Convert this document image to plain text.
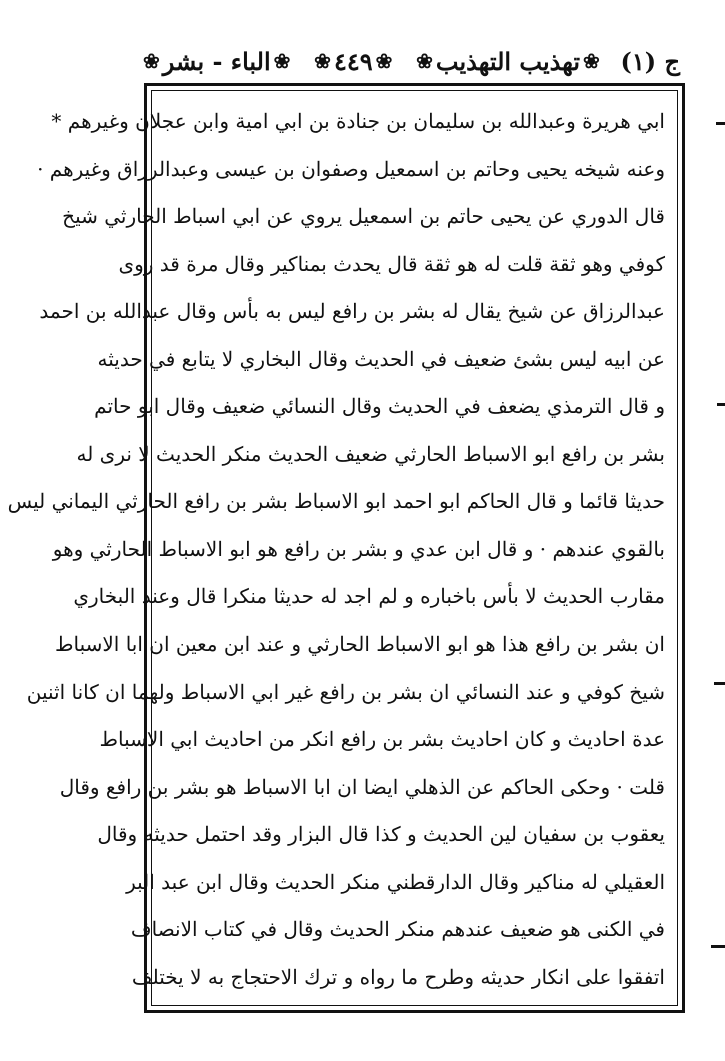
ج (١)
❀
تهذيب التهذيب
❀
❀
٤٤٩
❀
❀
الباء - بشر
❀
ابي هريرة وعبدالله بن سليمان بن جنادة بن ابي امية وابن عجلان وغيرهم *
وعنه شيخه يحيى وحاتم بن اسمعيل وصفوان بن عيسى وعبدالرزاق وغيرهم ·
قال الدوري عن يحيى حاتم بن اسمعيل يروي عن ابي اسباط الحارثي شيخ
كوفي وهو ثقة قلت له هو ثقة قال يحدث بمناكير وقال مرة قد روى
عبدالرزاق عن شيخ يقال له بشر بن رافع ليس به بأس وقال عبدالله بن احمد
عن ابيه ليس بشئ ضعيف في الحديث وقال البخاري لا يتابع في حديثه
و قال الترمذي يضعف في الحديث وقال النسائي ضعيف وقال ابو حاتم
بشر بن رافع ابو الاسباط الحارثي ضعيف الحديث منكر الحديث لا نرى له
حديثا قائما و قال الحاكم ابو احمد ابو الاسباط بشر بن رافع الحارثي اليماني ليس
بالقوي عندهم · و قال ابن عدي و بشر بن رافع هو ابو الاسباط الحارثي وهو
مقارب الحديث لا بأس باخباره و لم اجد له حديثا منكرا قال وعند البخاري
ان بشر بن رافع هذا هو ابو الاسباط الحارثي و عند ابن معين ان ابا الاسباط
شيخ كوفي و عند النسائي ان بشر بن رافع غير ابي الاسباط ولهما ان كانا اثنين
عدة احاديث و كان احاديث بشر بن رافع انكر من احاديث ابي الاسباط
قلت · وحكى الحاكم عن الذهلي ايضا ان ابا الاسباط هو بشر بن رافع وقال
يعقوب بن سفيان لين الحديث و كذا قال البزار وقد احتمل حديثه وقال
العقيلي له مناكير وقال الدارقطني منكر الحديث وقال ابن عبد البر
في الكنى هو ضعيف عندهم منكر الحديث وقال في كتاب الانصاف
اتفقوا على انكار حديثه وطرح ما رواه و ترك الاحتجاج به لا يختلف
